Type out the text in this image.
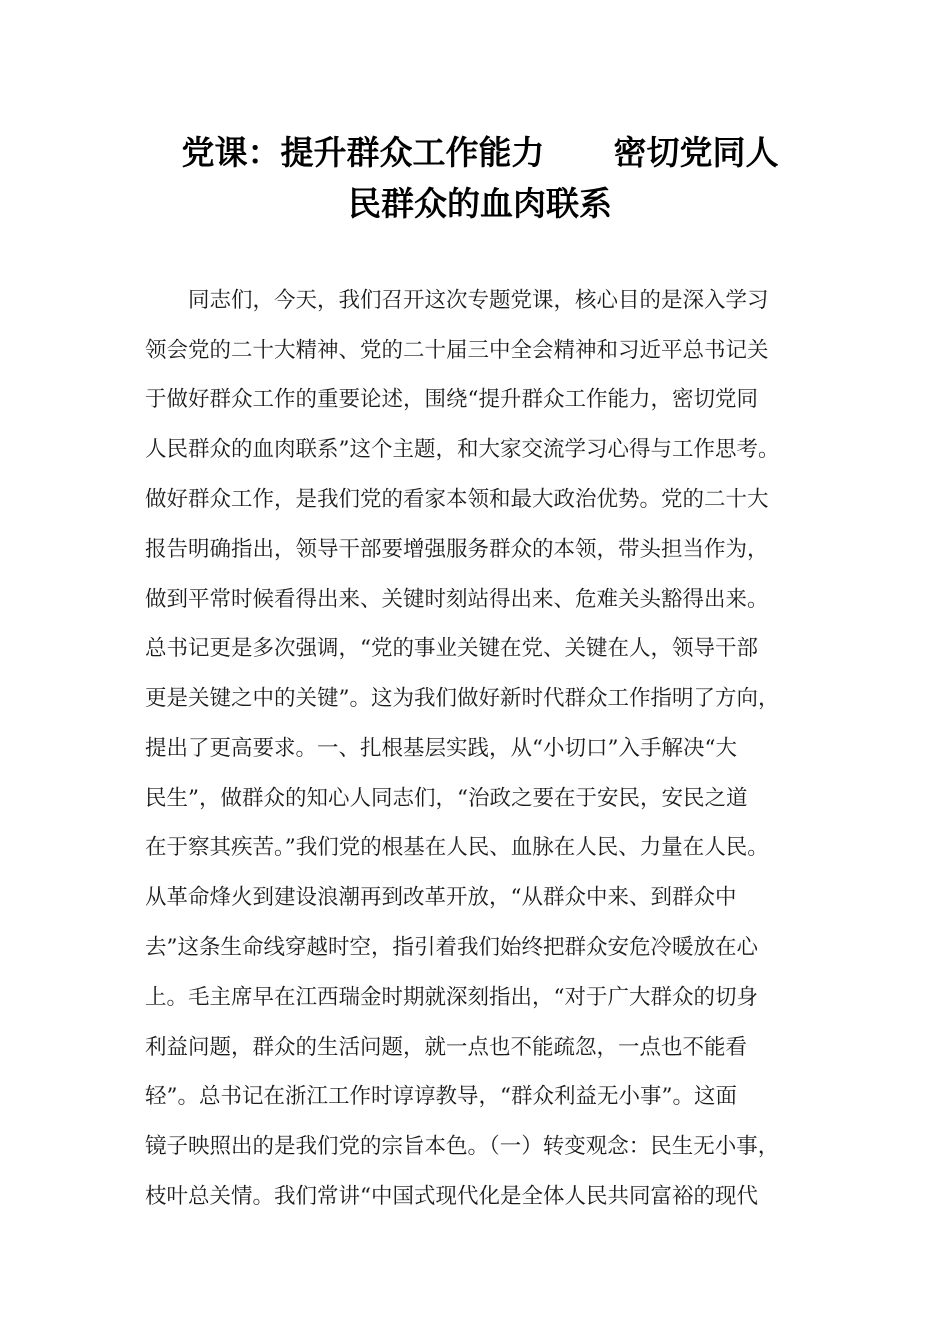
党课：提升群众工作能力      密切党同人
民群众的血肉联系
同志们，今天，我们召开这次专题党课，核心目的是深入学习
领会党的二十大精神、党的二十届三中全会精神和习近平总书记关
于做好群众工作的重要论述，围绕“提升群众工作能力，密切党同
人民群众的血肉联系”这个主题，和大家交流学习心得与工作思考。
做好群众工作，是我们党的看家本领和最大政治优势。党的二十大
报告明确指出，领导干部要增强服务群众的本领，带头担当作为，
做到平常时候看得出来、关键时刻站得出来、危难关头豁得出来。
总书记更是多次强调，“党的事业关键在党、关键在人，领导干部
更是关键之中的关键”。这为我们做好新时代群众工作指明了方向，
提出了更高要求。一、扎根基层实践，从“小切口”入手解决“大
民生”，做群众的知心人同志们，“治政之要在于安民，安民之道
在于察其疾苦。”我们党的根基在人民、血脉在人民、力量在人民。
从革命烽火到建设浪潮再到改革开放，“从群众中来、到群众中
去”这条生命线穿越时空，指引着我们始终把群众安危冷暖放在心
上。毛主席早在江西瑞金时期就深刻指出，“对于广大群众的切身
利益问题，群众的生活问题，就一点也不能疏忽，一点也不能看
轻”。总书记在浙江工作时谆谆教导，“群众利益无小事”。这面
镜子映照出的是我们党的宗旨本色。（一）转变观念：民生无小事，
枝叶总关情。我们常讲“中国式现代化是全体人民共同富裕的现代
